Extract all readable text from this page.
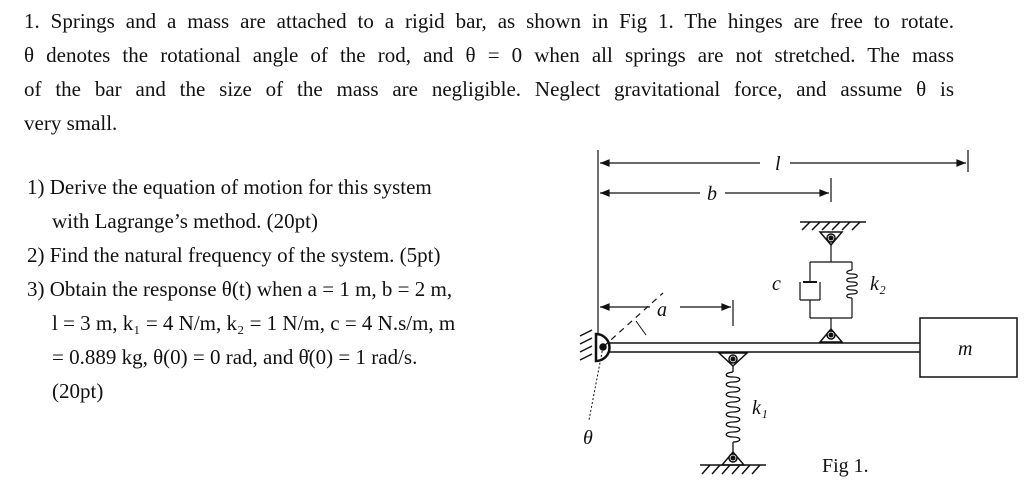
1. Springs and a mass are attached to a rigid bar, as shown in Fig 1. The hinges are free to rotate.
θ denotes the rotational angle of the rod, and θ = 0 when all springs are not stretched. The mass
of the bar and the size of the mass are negligible. Neglect gravitational force, and assume θ is
very small.
1) Derive the equation of motion for this system
with Lagrange’s method. (20pt)
2) Find the natural frequency of the system. (5pt)
3) Obtain the response θ(t) when a = 1 m, b = 2 m,
l = 3 m, k₁ = 4 N/m, k₂ = 1 N/m, c = 4 N.s/m, m
= 0.889 kg, θ(0) = 0 rad, and θ̇(0) = 1 rad/s.
(20pt)
l
b
a
c	k₂
k₁
m
θ
Fig 1.
